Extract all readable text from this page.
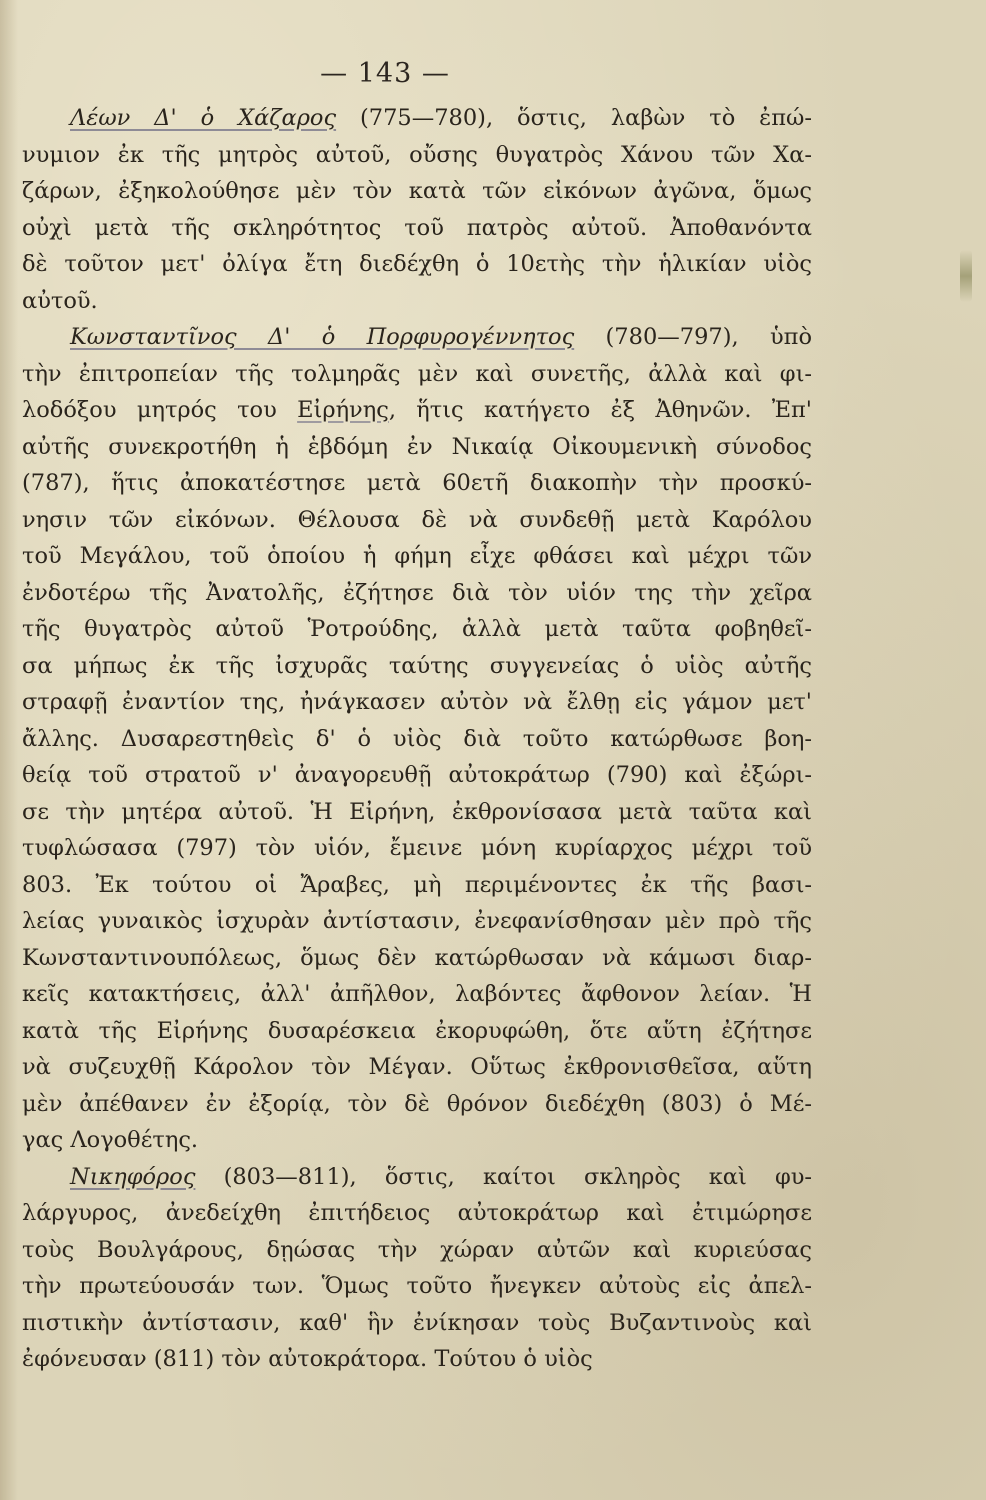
— 143 —
Λέων Δ' ὁ Χάζαρος (775—780), ὅστις, λαβὼν τὸ ἐπώ-
νυμιον ἐκ τῆς μητρὸς αὐτοῦ, οὔσης θυγατρὸς Χάνου τῶν Χα-
ζάρων, ἐξηκολούθησε μὲν τὸν κατὰ τῶν εἰκόνων ἀγῶνα, ὅμως
οὐχὶ μετὰ τῆς σκληρότητος τοῦ πατρὸς αὐτοῦ. Ἀποθανόντα
δὲ τοῦτον μετ' ὀλίγα ἔτη διεδέχθη ὁ 10ετὴς τὴν ἡλικίαν υἱὸς
αὐτοῦ.
Κωνσταντῖνος Δ' ὁ Πορφυρογέννητος (780—797), ὑπὸ
τὴν ἐπιτροπείαν τῆς τολμηρᾶς μὲν καὶ συνετῆς, ἀλλὰ καὶ φι-
λοδόξου μητρός του Εἰρήνης, ἥτις κατήγετο ἐξ Ἀθηνῶν. Ἐπ'
αὐτῆς συνεκροτήθη ἡ ἑβδόμη ἐν Νικαίᾳ Οἰκουμενικὴ σύνοδος
(787), ἥτις ἀποκατέστησε μετὰ 60ετῆ διακοπὴν τὴν προσκύ-
νησιν τῶν εἰκόνων. Θέλουσα δὲ νὰ συνδεθῇ μετὰ Καρόλου
τοῦ Μεγάλου, τοῦ ὁποίου ἡ φήμη εἶχε φθάσει καὶ μέχρι τῶν
ἐνδοτέρω τῆς Ἀνατολῆς, ἐζήτησε διὰ τὸν υἱόν της τὴν χεῖρα
τῆς θυγατρὸς αὐτοῦ Ῥοτρούδης, ἀλλὰ μετὰ ταῦτα φοβηθεῖ-
σα μήπως ἐκ τῆς ἰσχυρᾶς ταύτης συγγενείας ὁ υἱὸς αὐτῆς
στραφῇ ἐναντίον της, ἠνάγκασεν αὐτὸν νὰ ἔλθῃ εἰς γάμον μετ'
ἄλλης. Δυσαρεστηθεὶς δ' ὁ υἱὸς διὰ τοῦτο κατώρθωσε βοη-
θείᾳ τοῦ στρατοῦ ν' ἀναγορευθῇ αὐτοκράτωρ (790) καὶ ἐξώρι-
σε τὴν μητέρα αὐτοῦ. Ἡ Εἰρήνη, ἐκθρονίσασα μετὰ ταῦτα καὶ
τυφλώσασα (797) τὸν υἱόν, ἔμεινε μόνη κυρίαρχος μέχρι τοῦ
803. Ἐκ τούτου οἱ Ἄραβες, μὴ περιμένοντες ἐκ τῆς βασι-
λείας γυναικὸς ἰσχυρὰν ἀντίστασιν, ἐνεφανίσθησαν μὲν πρὸ τῆς
Κωνσταντινουπόλεως, ὅμως δὲν κατώρθωσαν νὰ κάμωσι διαρ-
κεῖς κατακτήσεις, ἀλλ' ἀπῆλθον, λαβόντες ἄφθονον λείαν. Ἡ
κατὰ τῆς Εἰρήνης δυσαρέσκεια ἐκορυφώθη, ὅτε αὕτη ἐζήτησε
νὰ συζευχθῇ Κάρολον τὸν Μέγαν. Οὕτως ἐκθρονισθεῖσα, αὕτη
μὲν ἀπέθανεν ἐν ἐξορίᾳ, τὸν δὲ θρόνον διεδέχθη (803) ὁ Μέ-
γας Λογοθέτης.
Νικηφόρος (803—811), ὅστις, καίτοι σκληρὸς καὶ φυ-
λάργυρος, ἀνεδείχθη ἐπιτήδειος αὐτοκράτωρ καὶ ἐτιμώρησε
τοὺς Βουλγάρους, δῃώσας τὴν χώραν αὐτῶν καὶ κυριεύσας
τὴν πρωτεύουσάν των. Ὅμως τοῦτο ἤνεγκεν αὐτοὺς εἰς ἀπελ-
πιστικὴν ἀντίστασιν, καθ' ἣν ἐνίκησαν τοὺς Βυζαντινοὺς καὶ
ἐφόνευσαν (811) τὸν αὐτοκράτορα. Τούτου ὁ υἱὸς
